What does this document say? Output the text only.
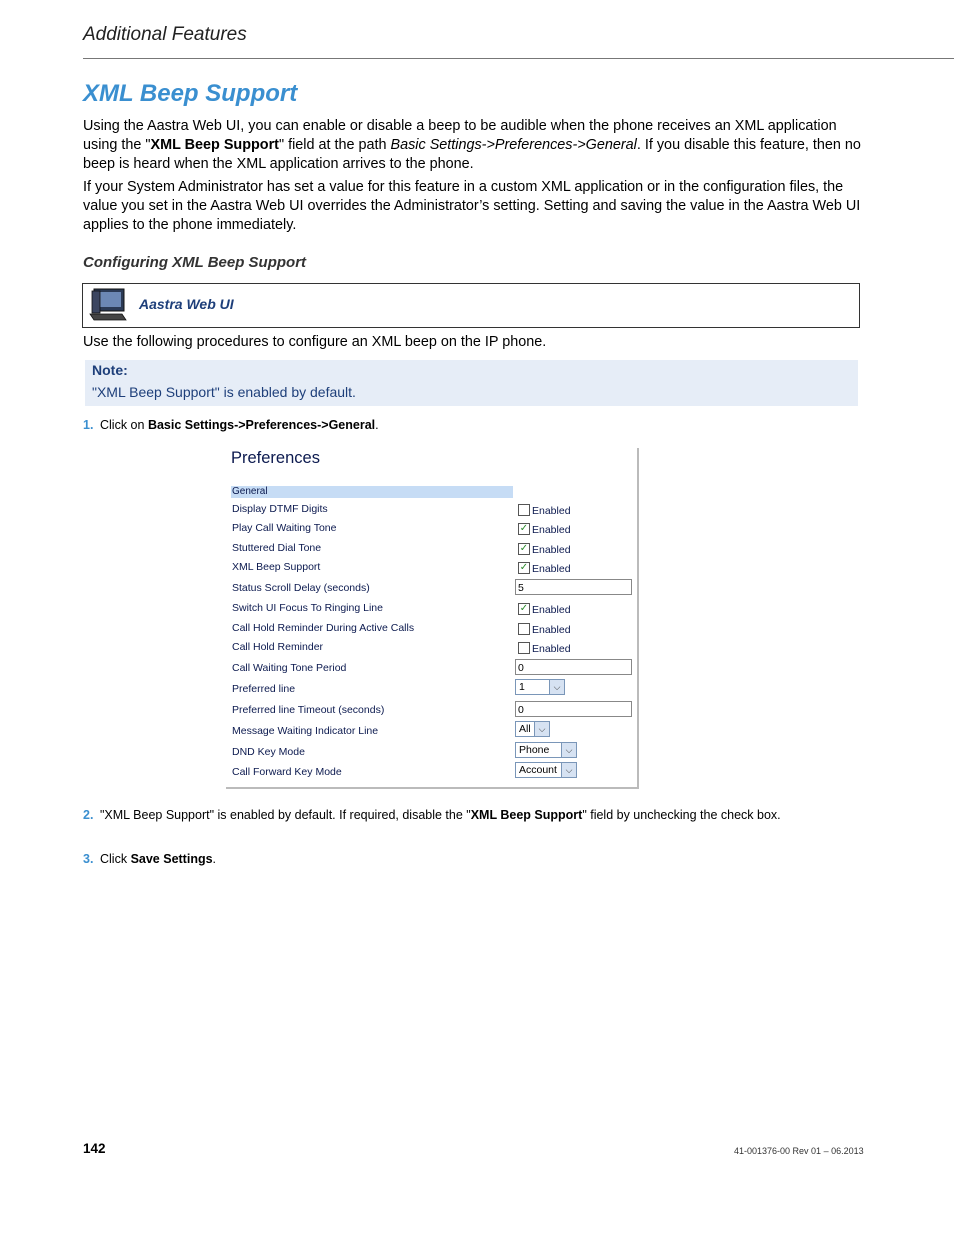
Additional Features
XML Beep Support
Using the Aastra Web UI, you can enable or disable a beep to be audible when the phone receives an XML application using the "XML Beep Support" field at the path Basic Settings->Preferences->General. If you disable this feature, then no beep is heard when the XML application arrives to the phone.
If your System Administrator has set a value for this feature in a custom XML application or in the configuration files, the value you set in the Aastra Web UI overrides the Administrator’s setting. Setting and saving the value in the Aastra Web UI applies to the phone immediately.
Configuring XML Beep Support
Aastra Web UI
Use the following procedures to configure an XML beep on the IP phone.
Note:
"XML Beep Support" is enabled by default.
1. Click on Basic Settings->Preferences->General.
Preferences
General
Display DTMF Digits	Enabled
Play Call Waiting Tone	✓ Enabled
Stuttered Dial Tone	✓ Enabled
XML Beep Support	✓ Enabled
Status Scroll Delay (seconds)	5
Switch UI Focus To Ringing Line	✓ Enabled
Call Hold Reminder During Active Calls	Enabled
Call Hold Reminder	Enabled
Call Waiting Tone Period	0
Preferred line	1	⌵
Preferred line Timeout (seconds)	0
Message Waiting Indicator Line	All ⌵
DND Key Mode	Phone	⌵
Call Forward Key Mode	Account ⌵
2. "XML Beep Support" is enabled by default. If required, disable the "XML Beep Support" field by unchecking the check box.
3. Click Save Settings.
142	41-001376-00 Rev 01 – 06.2013
